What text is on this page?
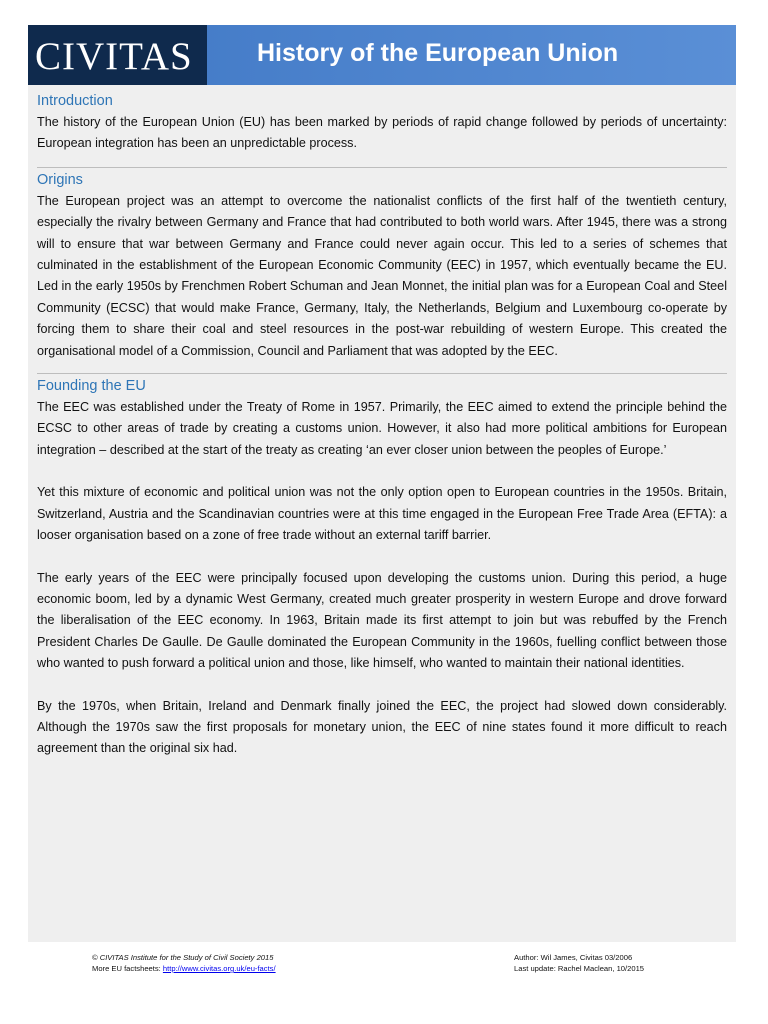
CIVITAS	History of the European Union
Introduction

The history of the European Union (EU) has been marked by periods of rapid change followed by periods of uncertainty: European integration has been an unpredictable process.

Origins

The European project was an attempt to overcome the nationalist conflicts of the first half of the twentieth century, especially the rivalry between Germany and France that had contributed to both world wars. After 1945, there was a strong will to ensure that war between Germany and France could never again occur. This led to a series of schemes that culminated in the establishment of the European Economic Community (EEC) in 1957, which eventually became the EU. Led in the early 1950s by Frenchmen Robert Schuman and Jean Monnet, the initial plan was for a European Coal and Steel Community (ECSC) that would make France, Germany, Italy, the Netherlands, Belgium and Luxembourg co-operate by forcing them to share their coal and steel resources in the post-war rebuilding of western Europe. This created the organisational model of a Commission, Council and Parliament that was adopted by the EEC.

Founding the EU

The EEC was established under the Treaty of Rome in 1957. Primarily, the EEC aimed to extend the principle behind the ECSC to other areas of trade by creating a customs union. However, it also had more political ambitions for European integration – described at the start of the treaty as creating ‘an ever closer union between the peoples of Europe.’

Yet this mixture of economic and political union was not the only option open to European countries in the 1950s. Britain, Switzerland, Austria and the Scandinavian countries were at this time engaged in the European Free Trade Area (EFTA): a looser organisation based on a zone of free trade without an external tariff barrier.

The early years of the EEC were principally focused upon developing the customs union. During this period, a huge economic boom, led by a dynamic West Germany, created much greater prosperity in western Europe and drove forward the liberalisation of the EEC economy. In 1963, Britain made its first attempt to join but was rebuffed by the French President Charles De Gaulle. De Gaulle dominated the European Community in the 1960s, fuelling conflict between those who wanted to push forward a political union and those, like himself, who wanted to maintain their national identities.

By the 1970s, when Britain, Ireland and Denmark finally joined the EEC, the project had slowed down considerably. Although the 1970s saw the first proposals for monetary union, the EEC of nine states found it more difficult to reach agreement than the original six had.

© CIVITAS Institute for the Study of Civil Society 2015
More EU factsheets: http://www.civitas.org.uk/eu-facts/
Author: Wil James, Civitas 03/2006
Last update: Rachel Maclean, 10/2015
